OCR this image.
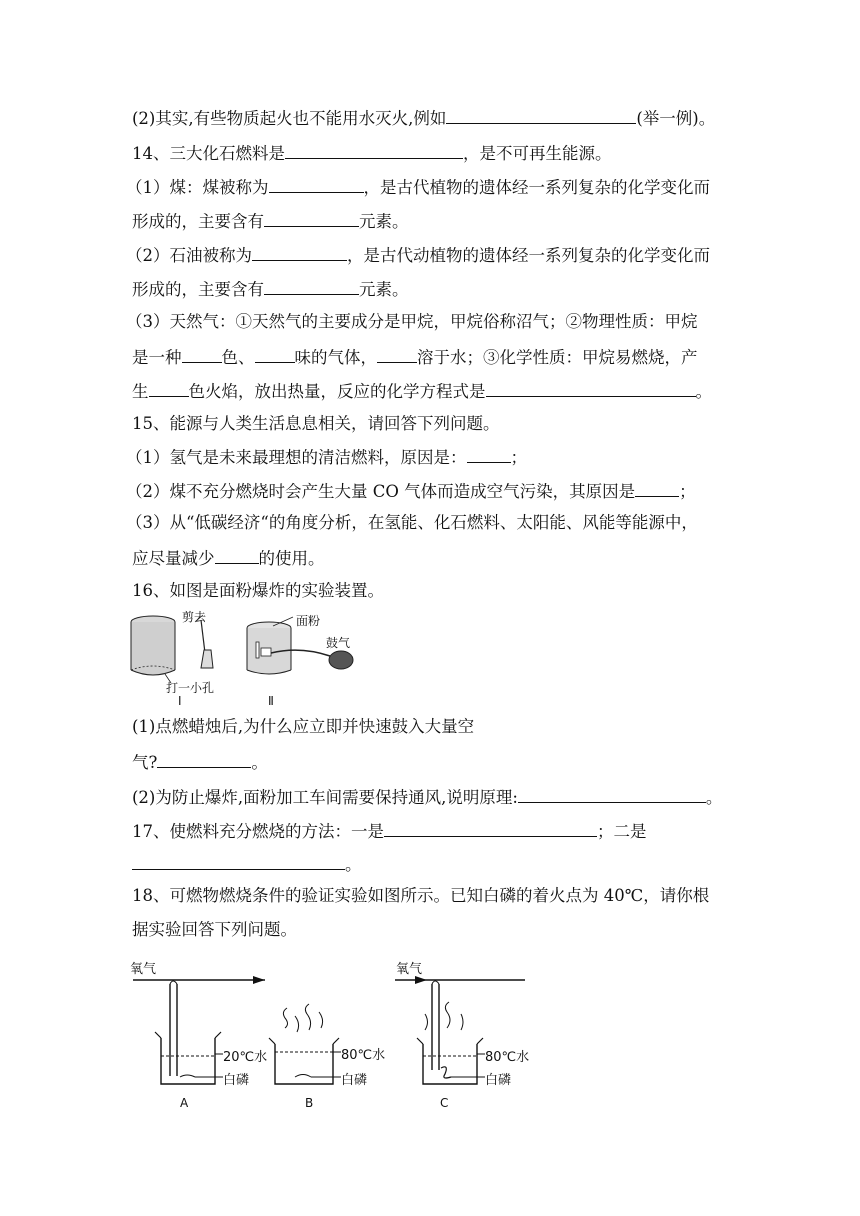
(2)其实,有些物质起火也不能用水灭火,例如	(举一例)。
14、三大化石燃料是	，是不可再生能源。
（1）煤：煤被称为	，是古代植物的遗体经一系列复杂的化学变化而
形成的，主要含有	元素。
（2）石油被称为	，是古代动植物的遗体经一系列复杂的化学变化而
形成的，主要含有	元素。
（3）天然气：①天然气的主要成分是甲烷，甲烷俗称沼气；②物理性质：甲烷
是一种 色、 味的气体， 溶于水；③化学性质：甲烷易燃烧，产
生 色火焰，放出热量，反应的化学方程式是	。
15、能源与人类生活息息相关，请回答下列问题。
（1）氢气是未来最理想的清洁燃料，原因是：	；
（2）煤不充分燃烧时会产生大量 CO 气体而造成空气污染，其原因是	；
（3）从“低碳经济“的角度分析，在氢能、化石燃料、太阳能、风能等能源中，
应尽量减少	的使用。
16、如图是面粉爆炸的实验装置。
剪去
打一小孔
面粉
鼓气
I	Ⅱ
(1)点燃蜡烛后,为什么应立即并快速鼓入大量空
气?	。
(2)为防止爆炸,面粉加工车间需要保持通风,说明原理:	。
17、使燃料充分燃烧的方法：一是	；二是
。
18、可燃物燃烧条件的验证实验如图所示。已知白磷的着火点为 40℃，请你根
据实验回答下列问题。
氧气	氧气
20℃水	80℃水	80℃水
白磷	白磷	白磷
A	B	C
